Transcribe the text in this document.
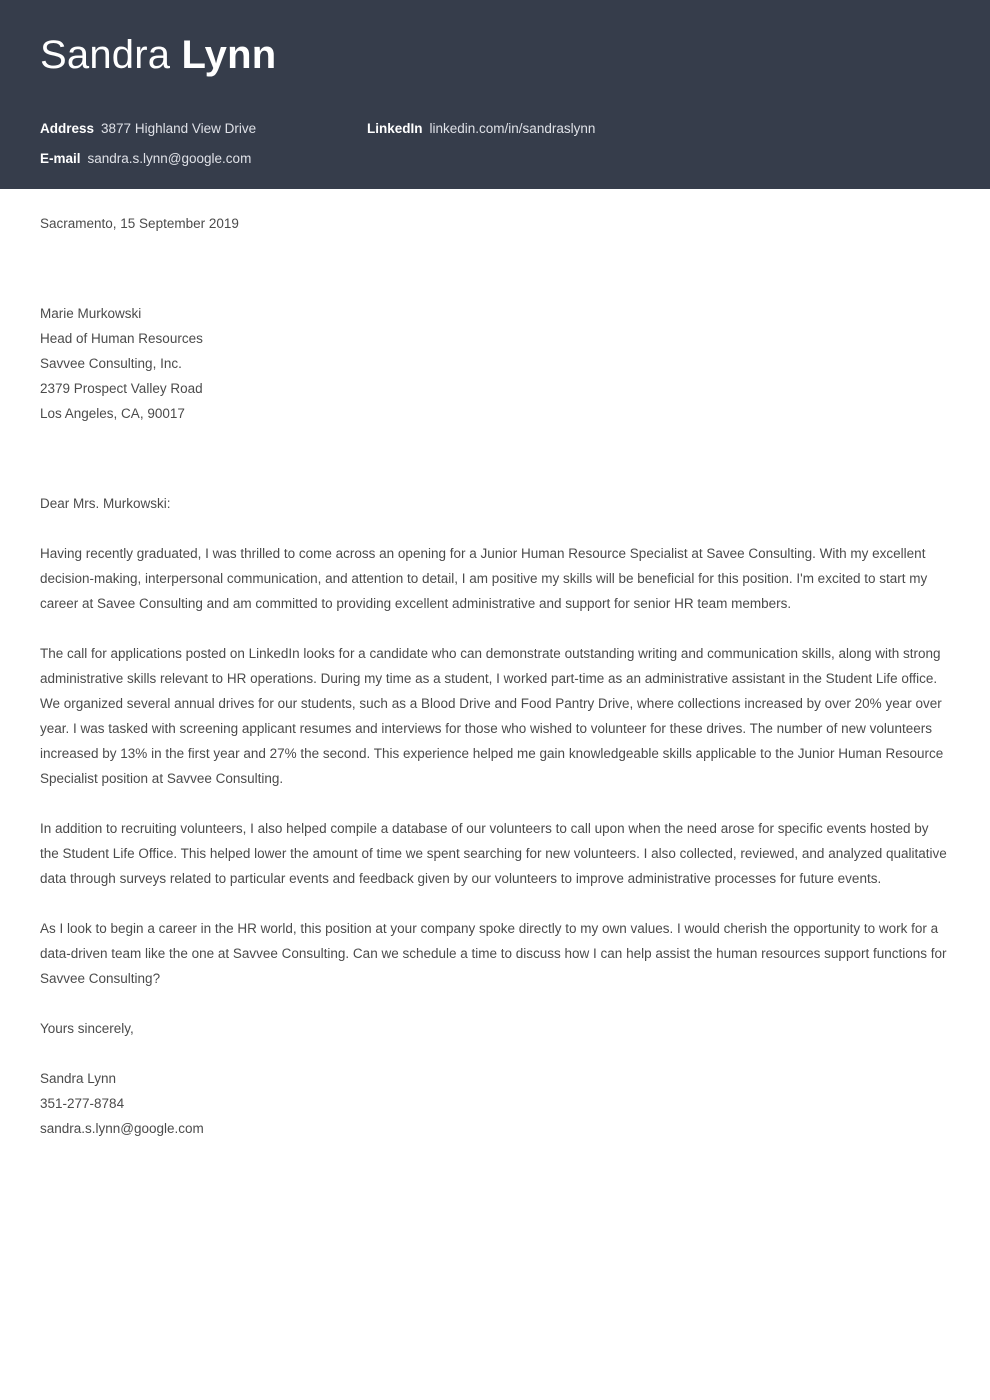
Sandra Lynn
Address 3877 Highland View Drive	LinkedIn linkedin.com/in/sandraslynn
E-mail sandra.s.lynn@google.com
Sacramento, 15 September 2019
Marie Murkowski
Head of Human Resources
Savvee Consulting, Inc.
2379 Prospect Valley Road
Los Angeles, CA, 90017
Dear Mrs. Murkowski:

Having recently graduated, I was thrilled to come across an opening for a Junior Human Resource Specialist at Savee Consulting. With my excellent decision-making, interpersonal communication, and attention to detail, I am positive my skills will be beneficial for this position. I'm excited to start my career at Savee Consulting and am committed to providing excellent administrative and support for senior HR team members.

The call for applications posted on LinkedIn looks for a candidate who can demonstrate outstanding writing and communication skills, along with strong administrative skills relevant to HR operations. During my time as a student, I worked part-time as an administrative assistant in the Student Life office. We organized several annual drives for our students, such as a Blood Drive and Food Pantry Drive, where collections increased by over 20% year over year. I was tasked with screening applicant resumes and interviews for those who wished to volunteer for these drives. The number of new volunteers increased by 13% in the first year and 27% the second. This experience helped me gain knowledgeable skills applicable to the Junior Human Resource Specialist position at Savvee Consulting.

In addition to recruiting volunteers, I also helped compile a database of our volunteers to call upon when the need arose for specific events hosted by the Student Life Office. This helped lower the amount of time we spent searching for new volunteers. I also collected, reviewed, and analyzed qualitative data through surveys related to particular events and feedback given by our volunteers to improve administrative processes for future events.

As I look to begin a career in the HR world, this position at your company spoke directly to my own values. I would cherish the opportunity to work for a data-driven team like the one at Savvee Consulting. Can we schedule a time to discuss how I can help assist the human resources support functions for Savvee Consulting?

Yours sincerely,
Sandra Lynn
351-277-8784
sandra.s.lynn@google.com
